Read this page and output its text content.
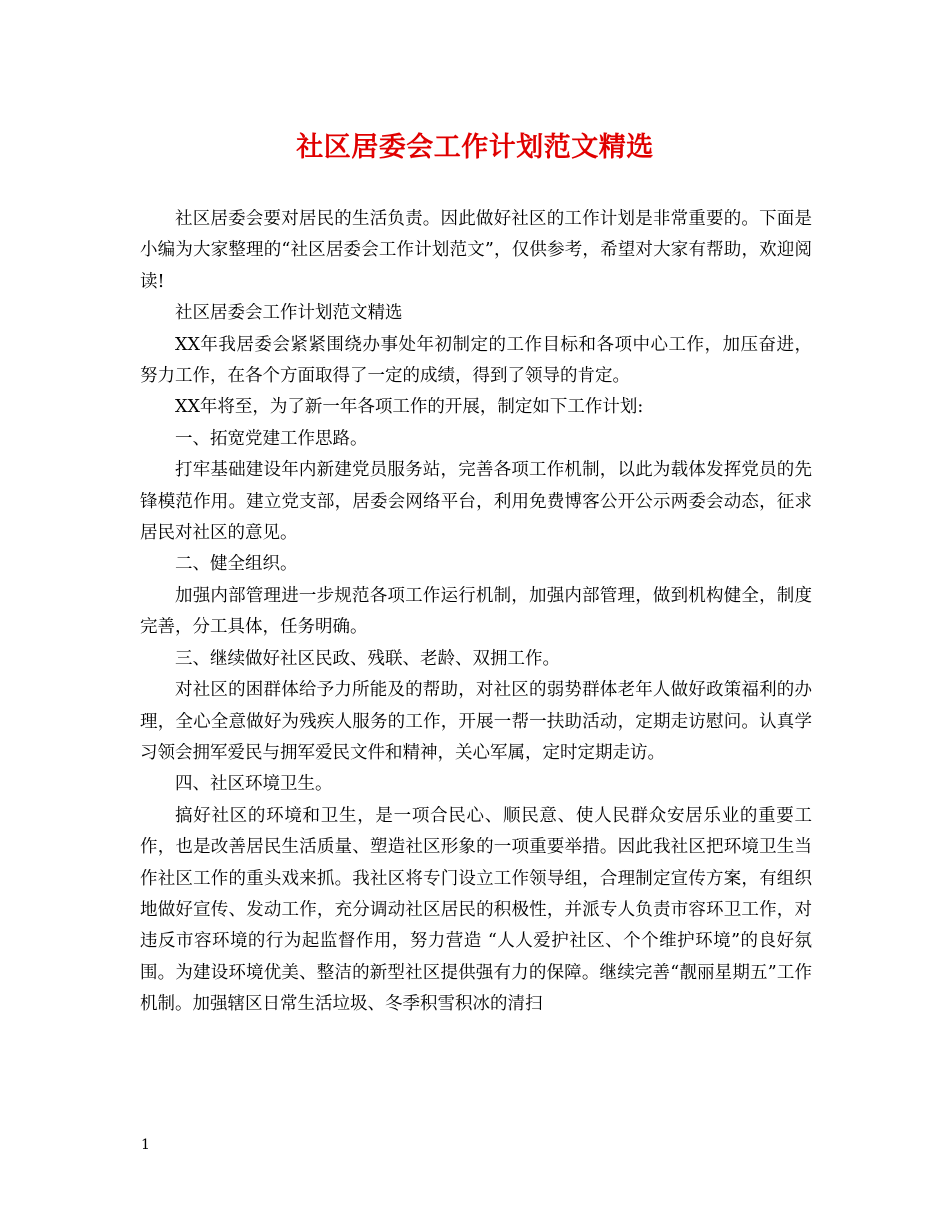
社区居委会工作计划范文精选

社区居委会要对居民的生活负责。因此做好社区的工作计划是非常重要的。下面是小编为大家整理的“社区居委会工作计划范文”，仅供参考，希望对大家有帮助，欢迎阅读!

社区居委会工作计划范文精选

XX年我居委会紧紧围绕办事处年初制定的工作目标和各项中心工作，加压奋进，努力工作，在各个方面取得了一定的成绩，得到了领导的肯定。

XX年将至，为了新一年各项工作的开展，制定如下工作计划:

一、拓宽党建工作思路。

打牢基础建设年内新建党员服务站，完善各项工作机制，以此为载体发挥党员的先锋模范作用。建立党支部，居委会网络平台，利用免费博客公开公示两委会动态，征求居民对社区的意见。

二、健全组织。

加强内部管理进一步规范各项工作运行机制，加强内部管理，做到机构健全，制度完善，分工具体，任务明确。

三、继续做好社区民政、残联、老龄、双拥工作。

对社区的困群体给予力所能及的帮助，对社区的弱势群体老年人做好政策福利的办理，全心全意做好为残疾人服务的工作，开展一帮一扶助活动，定期走访慰问。认真学习领会拥军爱民与拥军爱民文件和精神，关心军属，定时定期走访。

四、社区环境卫生。

搞好社区的环境和卫生，是一项合民心、顺民意、使人民群众安居乐业的重要工作，也是改善居民生活质量、塑造社区形象的一项重要举措。因此我社区把环境卫生当作社区工作的重头戏来抓。我社区将专门设立工作领导组，合理制定宣传方案，有组织地做好宣传、发动工作，充分调动社区居民的积极性，并派专人负责市容环卫工作，对违反市容环境的行为起监督作用，努力营造 “人人爱护社区、个个维护环境”的良好氛围。为建设环境优美、整洁的新型社区提供强有力的保障。继续完善“靓丽星期五”工作机制。加强辖区日常生活垃圾、冬季积雪积冰的清扫

1
